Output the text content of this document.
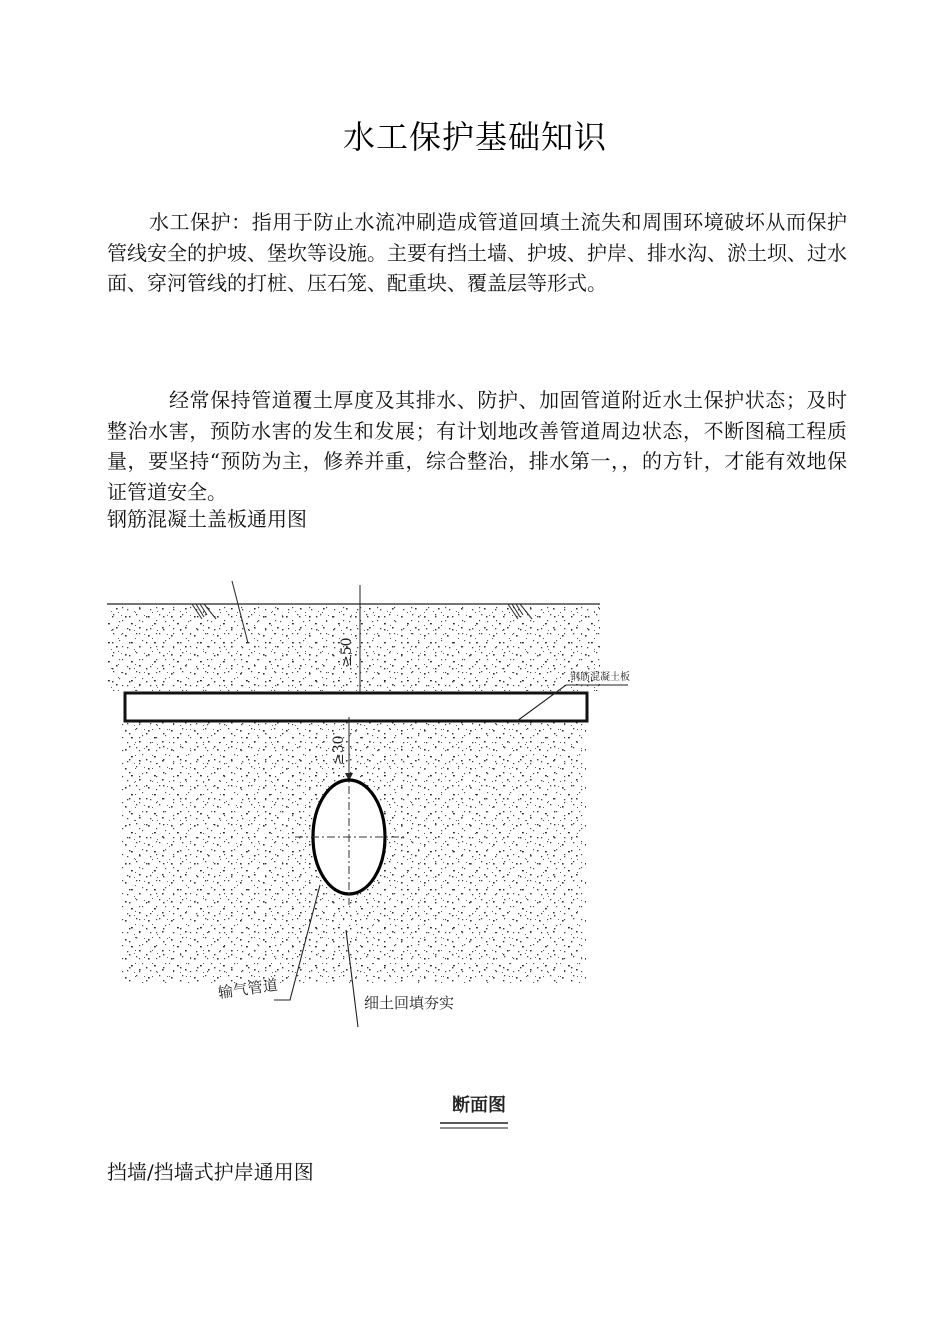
水工保护基础知识

水工保护：指用于防止水流冲刷造成管道回填土流失和周围环境破坏从而保护管线安全的护坡、堡坎等设施。主要有挡土墙、护坡、护岸、排水沟、淤土坝、过水面、穿河管线的打桩、压石笼、配重块、覆盖层等形式。

经常保持管道覆土厚度及其排水、防护、加固管道附近水土保护状态；及时整治水害，预防水害的发生和发展；有计划地改善管道周边状态，不断图稿工程质量，要坚持“预防为主，修养并重，综合整治，排水第一，，的方针，才能有效地保证管道安全。

钢筋混凝土盖板通用图
≥50
钢筋混凝土板
≥30
输气管道
细土回填夯实
断面图
挡墙/挡墙式护岸通用图
